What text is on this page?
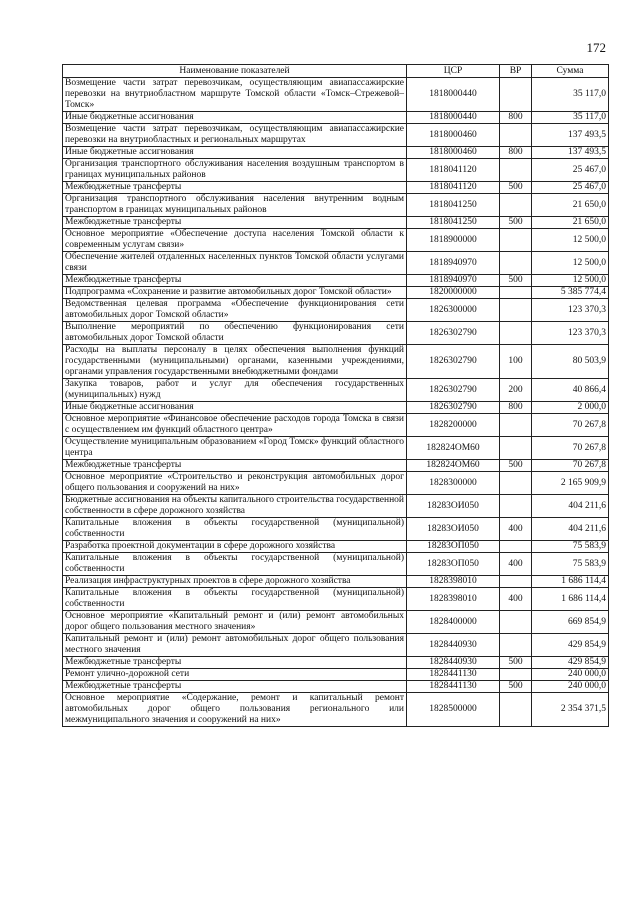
172
Наименование показателей	ЦСР	ВР	Сумма
Возмещение части затрат перевозчикам, осуществляющим авиапассажирские перевозки на внутриобластном маршруте Томской области «Томск–Стрежевой–Томск»	1818000440		35 117,0
Иные бюджетные ассигнования	1818000440	800	35 117,0
Возмещение части затрат перевозчикам, осуществляющим авиапассажирские перевозки на внутриобластных и региональных маршрутах	1818000460		137 493,5
Иные бюджетные ассигнования	1818000460	800	137 493,5
Организация транспортного обслуживания населения воздушным транспортом в границах муниципальных районов	1818041120		25 467,0
Межбюджетные трансферты	1818041120	500	25 467,0
Организация транспортного обслуживания населения внутренним водным транспортом в границах муниципальных районов	1818041250		21 650,0
Межбюджетные трансферты	1818041250	500	21 650,0
Основное мероприятие «Обеспечение доступа населения Томской области к современным услугам связи»	1818900000		12 500,0
Обеспечение жителей отдаленных населенных пунктов Томской области услугами связи	1818940970		12 500,0
Межбюджетные трансферты	1818940970	500	12 500,0
Подпрограмма «Сохранение и развитие автомобильных дорог Томской области»	1820000000		5 385 774,4
Ведомственная целевая программа «Обеспечение функционирования сети автомобильных дорог Томской области»	1826300000		123 370,3
Выполнение мероприятий по обеспечению функционирования сети автомобильных дорог Томской области	1826302790		123 370,3
Расходы на выплаты персоналу в целях обеспечения выполнения функций государственными (муниципальными) органами, казенными учреждениями, органами управления государственными внебюджетными фондами	1826302790	100	80 503,9
Закупка товаров, работ и услуг для обеспечения государственных (муниципальных) нужд	1826302790	200	40 866,4
Иные бюджетные ассигнования	1826302790	800	2 000,0
Основное мероприятие «Финансовое обеспечение расходов города Томска в связи с осуществлением им функций областного центра»	1828200000		70 267,8
Осуществление муниципальным образованием «Город Томск» функций областного центра	182824ОМ60		70 267,8
Межбюджетные трансферты	182824ОМ60	500	70 267,8
Основное мероприятие «Строительство и реконструкция автомобильных дорог общего пользования и сооружений на них»	1828300000		2 165 909,9
Бюджетные ассигнования на объекты капитального строительства государственной собственности в сфере дорожного хозяйства	18283ОИ050		404 211,6
Капитальные вложения в объекты государственной (муниципальной) собственности	18283ОИ050	400	404 211,6
Разработка проектной документации в сфере дорожного хозяйства	18283ОП050		75 583,9
Капитальные вложения в объекты государственной (муниципальной) собственности	18283ОП050	400	75 583,9
Реализация инфраструктурных проектов в сфере дорожного хозяйства	1828398010		1 686 114,4
Капитальные вложения в объекты государственной (муниципальной) собственности	1828398010	400	1 686 114,4
Основное мероприятие «Капитальный ремонт и (или) ремонт автомобильных дорог общего пользования местного значения»	1828400000		669 854,9
Капитальный ремонт и (или) ремонт автомобильных дорог общего пользования местного значения	1828440930		429 854,9
Межбюджетные трансферты	1828440930	500	429 854,9
Ремонт улично-дорожной сети	1828441130		240 000,0
Межбюджетные трансферты	1828441130	500	240 000,0
Основное мероприятие «Содержание, ремонт и капитальный ремонт автомобильных дорог общего пользования регионального или межмуниципального значения и сооружений на них»	1828500000		2 354 371,5
